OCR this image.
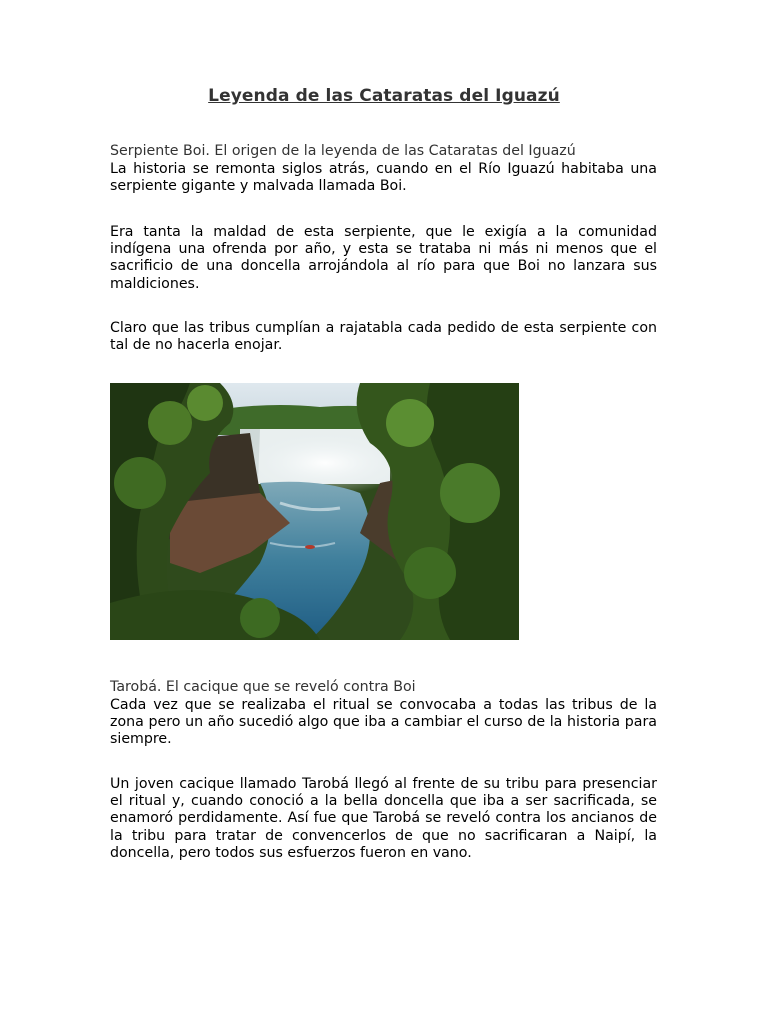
Leyenda de las Cataratas del Iguazú

Serpiente Boi. El origen de la leyenda de las Cataratas del Iguazú

La historia se remonta siglos atrás, cuando en el Río Iguazú habitaba una serpiente gigante y malvada llamada Boi.

Era tanta la maldad de esta serpiente, que le exigía a la comunidad indígena una ofrenda por año, y esta se trataba ni más ni menos que el sacrificio de una doncella arrojándola al río para que Boi no lanzara sus maldiciones.

Claro que las tribus cumplían a rajatabla cada pedido de esta serpiente con tal de no hacerla enojar.

Tarobá. El cacique que se reveló contra Boi

Cada vez que se realizaba el ritual se convocaba a todas las tribus de la zona pero un año sucedió algo que iba a cambiar el curso de la historia para siempre.

Un joven cacique llamado Tarobá llegó al frente de su tribu para presenciar el ritual y, cuando conoció a la bella doncella que iba a ser sacrificada, se enamoró perdidamente. Así fue que Tarobá se reveló contra los ancianos de la tribu para tratar de convencerlos de que no sacrificaran a Naipí, la doncella, pero todos sus esfuerzos fueron en vano.
